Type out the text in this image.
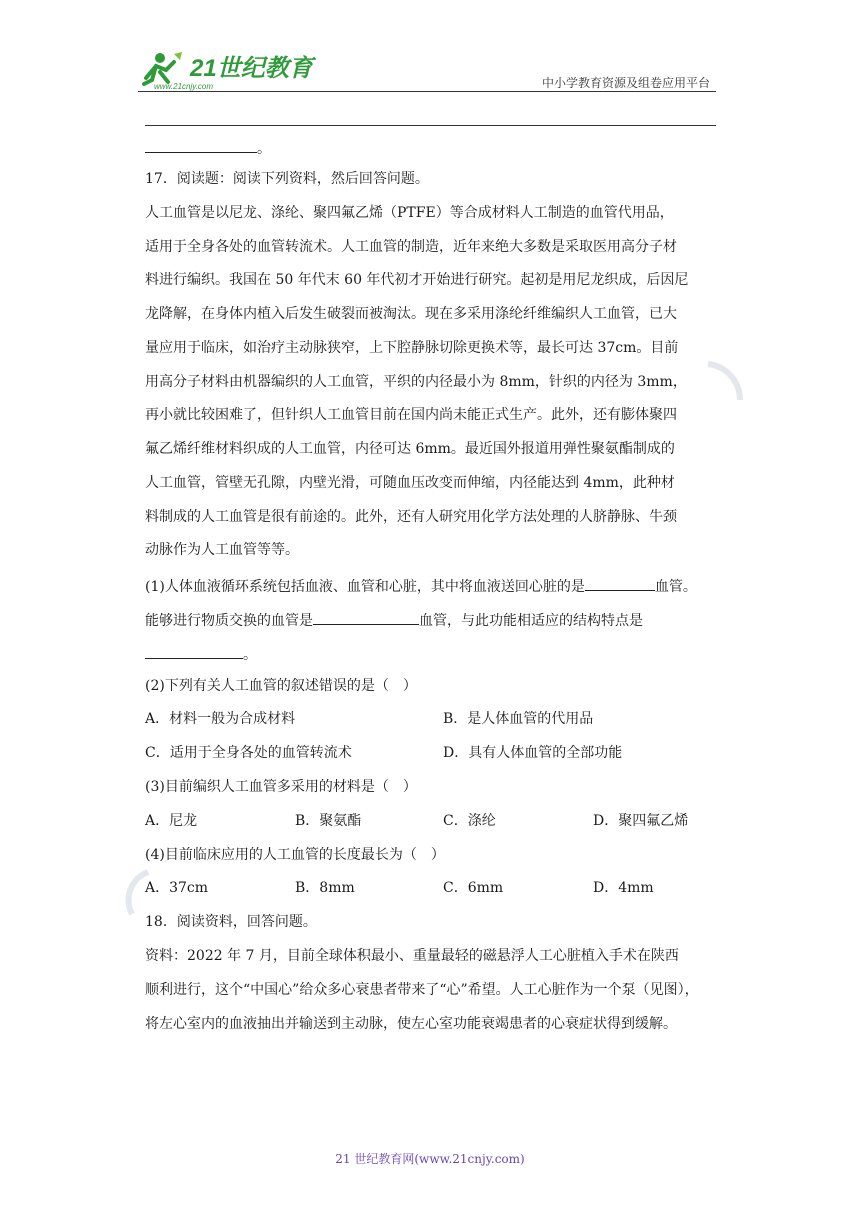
21世纪教育
www.21cnjy.com	中小学教育资源及组卷应用平台
。
17．阅读题：阅读下列资料，然后回答问题。
人工血管是以尼龙、涤纶、聚四氟乙烯（PTFE）等合成材料人工制造的血管代用品，
适用于全身各处的血管转流术。人工血管的制造，近年来绝大多数是采取医用高分子材
料进行编织。我国在 50 年代末 60 年代初才开始进行研究。起初是用尼龙织成，后因尼
龙降解，在身体内植入后发生破裂而被淘汰。现在多采用涤纶纤维编织人工血管，已大
量应用于临床，如治疗主动脉狭窄，上下腔静脉切除更换术等，最长可达 37cm。目前
用高分子材料由机器编织的人工血管，平织的内径最小为 8mm，针织的内径为 3mm，
再小就比较困难了，但针织人工血管目前在国内尚未能正式生产。此外，还有膨体聚四
氟乙烯纤维材料织成的人工血管，内径可达 6mm。最近国外报道用弹性聚氨酯制成的
人工血管，管壁无孔隙，内壁光滑，可随血压改变而伸缩，内径能达到 4mm，此种材
料制成的人工血管是很有前途的。此外，还有人研究用化学方法处理的人脐静脉、牛颈
动脉作为人工血管等等。
(1)人体血液循环系统包括血液、血管和心脏，其中将血液送回心脏的是	血管。
能够进行物质交换的血管是	血管，与此功能相适应的结构特点是
。
(2)下列有关人工血管的叙述错误的是（　）
A．材料一般为合成材料	B．是人体血管的代用品
C．适用于全身各处的血管转流术	D．具有人体血管的全部功能
(3)目前编织人工血管多采用的材料是（　）
A．尼龙	B．聚氨酯	C．涤纶	D．聚四氟乙烯
(4)目前临床应用的人工血管的长度最长为（　）
A．37cm	B．8mm	C．6mm	D．4mm
18．阅读资料，回答问题。
资料：2022 年 7 月，目前全球体积最小、重量最轻的磁悬浮人工心脏植入手术在陕西
顺利进行，这个“中国心”给众多心衰患者带来了“心”希望。人工心脏作为一个泵（见图），
将左心室内的血液抽出并输送到主动脉，使左心室功能衰竭患者的心衰症状得到缓解。
21 世纪教育网(www.21cnjy.com)
